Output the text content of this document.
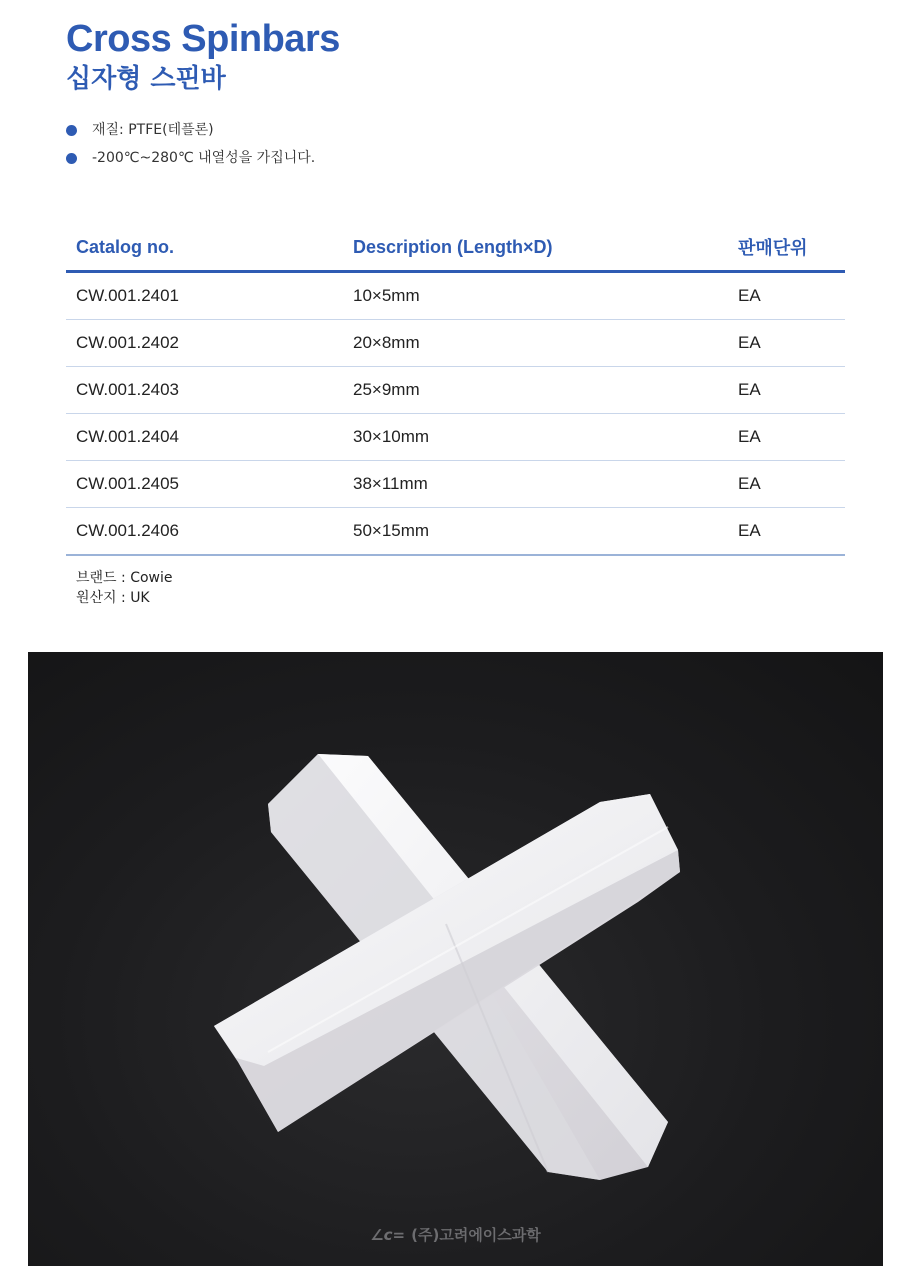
Cross Spinbars
십자형 스핀바
재질: PTFE(테플론)
-200℃~280℃ 내열성을 가집니다.
Catalog no.	Description (Length×D)	판매단위
CW.001.2401	10×5mm	EA
CW.001.2402	20×8mm	EA
CW.001.2403	25×9mm	EA
CW.001.2404	30×10mm	EA
CW.001.2405	38×11mm	EA
CW.001.2406	50×15mm	EA
브랜드 : Cowie
원산지 : UK
∠c= (주)고려에이스과학
